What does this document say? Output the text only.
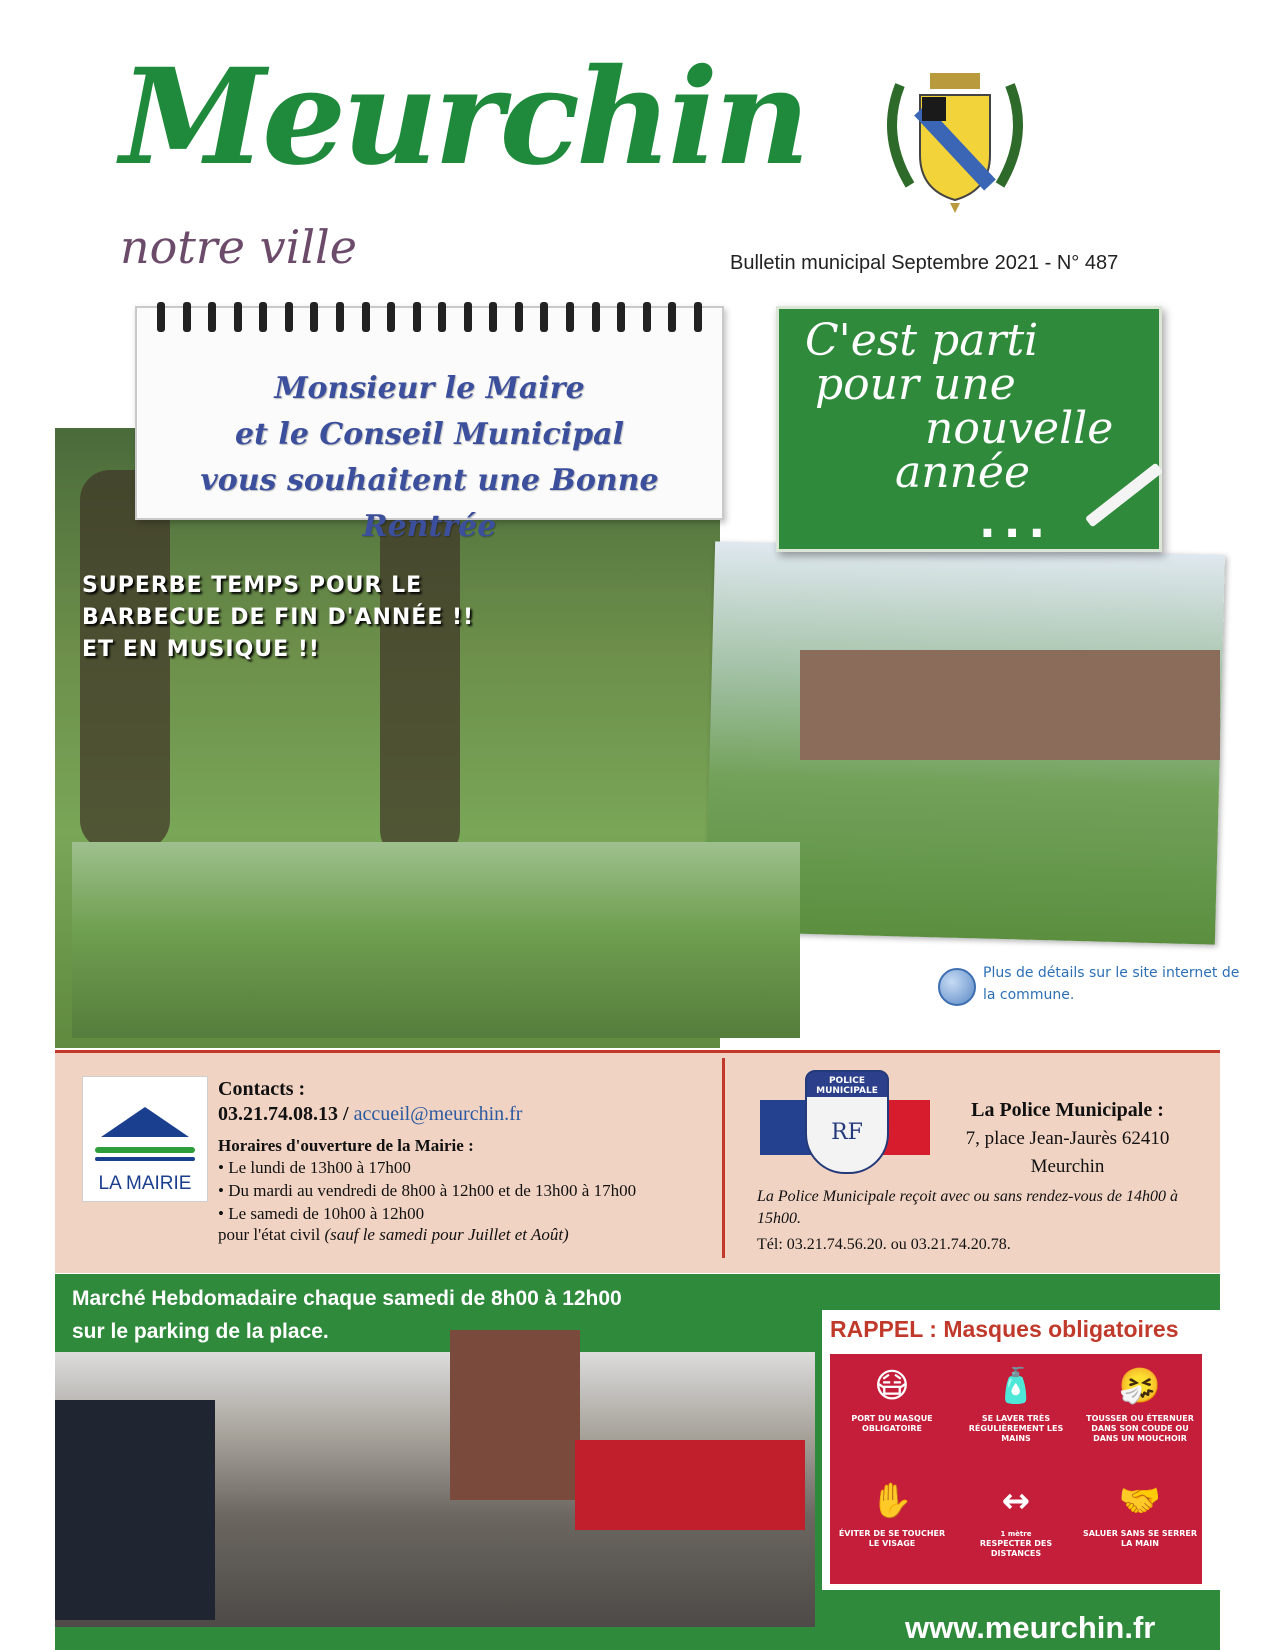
Meurchin
notre ville	Bulletin municipal Septembre 2021 - N° 487
Monsieur le Maire
et le Conseil Municipal
vous souhaitent une Bonne Rentrée
C'est parti
pour une
nouvelle
année
...
SUPERBE TEMPS POUR LE
BARBECUE DE FIN D'ANNÉE !!
ET EN MUSIQUE !!
Plus de détails sur le site internet de la commune.
LA MAIRIE
Contacts :
03.21.74.08.13 / accueil@meurchin.fr
Horaires d'ouverture de la Mairie :
• Le lundi de 13h00 à 17h00
• Du mardi au vendredi de 8h00 à 12h00 et de 13h00 à 17h00
• Le samedi de 10h00 à 12h00
pour l'état civil (sauf le samedi pour Juillet et Août)
POLICE MUNICIPALE
RF
La Police Municipale :
7, place Jean-Jaurès 62410
Meurchin
La Police Municipale reçoit avec ou sans rendez-vous de 14h00 à 15h00.
Tél: 03.21.74.56.20. ou 03.21.74.20.78.
Marché Hebdomadaire chaque samedi de 8h00 à 12h00
sur le parking de la place.	RAPPEL : Masques obligatoires
😷
PORT DU MASQUE OBLIGATOIRE
🧴
SE LAVER TRÈS RÉGULIÈREMENT LES MAINS
🤧
TOUSSER OU ÉTERNUER DANS SON COUDE OU DANS UN MOUCHOIR
✋
ÉVITER DE SE TOUCHER LE VISAGE
↔
1 mètre
RESPECTER DES DISTANCES
🤝
SALUER SANS SE SERRER LA MAIN
www.meurchin.fr
